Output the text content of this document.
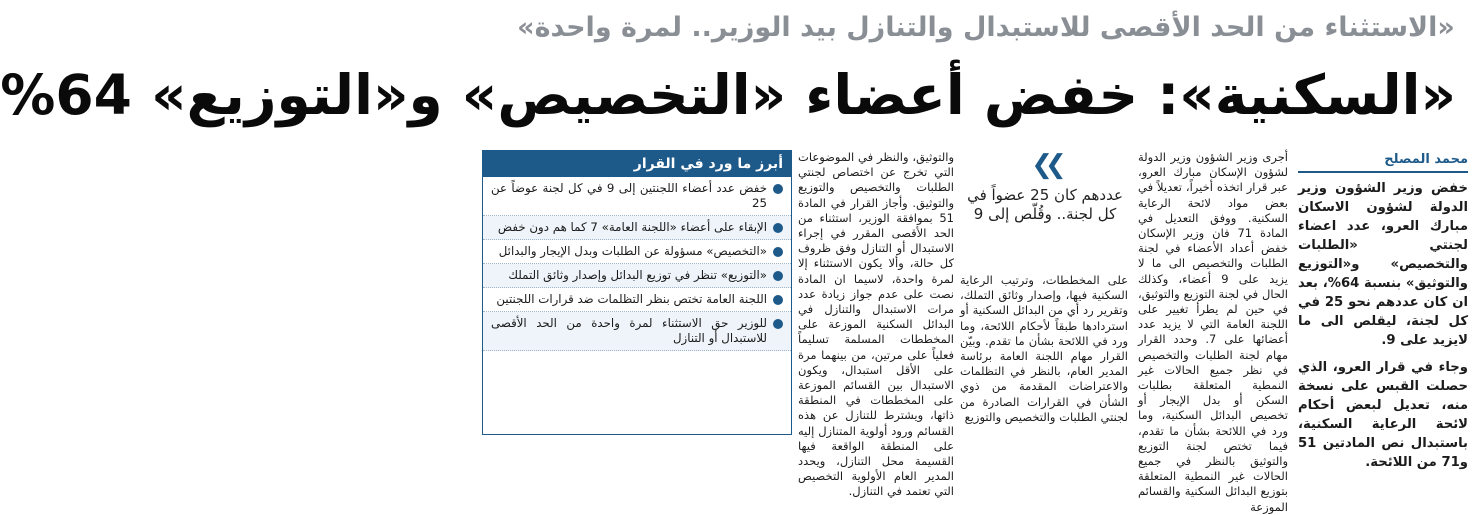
«الاستثناء من الحد الأقصى للاستبدال والتنازل بيد الوزير.. لمرة واحدة»
«السكنية»: خفض أعضاء «التخصيص» و«التوزيع» 64%
محمد المصلح

خفض وزير الشؤون وزير الدولة لشؤون الاسكان مبارك العرو، عدد اعضاء لجنتي «الطلبات والتخصيص» و«التوزيع والتوثيق» بنسبة 64%، بعد ان كان عددهم نحو 25 في كل لجنة، ليقلص الى ما لايزيد على 9.

وجاء في قرار العرو، الذي حصلت القبس على نسخة منه، تعديل لبعض أحكام لائحة الرعاية السكنية، باستبدال نص المادتين 51 و71 من اللائحة.

أجرى وزير الشؤون وزير الدولة لشؤون الإسكان مبارك العرو، عبر قرار اتخذه أخيراً، تعديلاً في بعض مواد لائحة الرعاية السكنية. ووفق التعديل في المادة 71 فان وزير الإسكان خفض أعداد الأعضاء في لجنة الطلبات والتخصيص الى ما لا يزيد على 9 أعضاء، وكذلك الحال في لجنة التوزيع والتوثيق، في حين لم يطرأ تغيير على اللجنة العامة التي لا يزيد عدد أعضائها على 7. وحدد القرار مهام لجنة الطلبات والتخصيص في نظر جميع الحالات غير النمطية المتعلقة بطلبات السكن أو بدل الإيجار أو تخصيص البدائل السكنية، وما ورد في اللائحة بشأن ما تقدم، فيما تختص لجنة التوزيع والتوثيق بالنظر في جميع الحالات غير النمطية المتعلقة بتوزيع البدائل السكنية والقسائم الموزعة

❯❯
عددهم كان 25 عضواً في كل لجنة.. وقُلّص إلى 9

على المخططات، وترتيب الرعاية السكنية فيها، وإصدار وثائق التملك، وتقرير رد أي من البدائل السكنية أو استردادها طبقاً لأحكام اللائحة، وما ورد في اللائحة بشأن ما تقدم. وبيّن القرار مهام اللجنة العامة برئاسة المدير العام، بالنظر في التظلمات والاعتراضات المقدمة من ذوي الشأن في القرارات الصادرة من لجنتي الطلبات والتخصيص والتوزيع

والتوثيق، والنظر في الموضوعات التي تخرج عن اختصاص لجنتي الطلبات والتخصيص والتوزيع والتوثيق. وأجاز القرار في المادة 51 بموافقة الوزير، استثناء من الحد الأقصى المقرر في إجراء الاستبدال أو التنازل وفق ظروف كل حالة، وألا يكون الاستثناء إلا لمرة واحدة، لاسيما ان المادة نصت على عدم جواز زيادة عدد مرات الاستبدال والتنازل في البدائل السكنية الموزعة على المخططات المسلمة تسليماً فعلياً على مرتين، من بينهما مرة على الأقل استبدال، ويكون الاستبدال بين القسائم الموزعة على المخططات في المنطقة ذاتها، ويشترط للتنازل عن هذه القسائم ورود أولوية المتنازل إليه على المنطقة الواقعة فيها القسيمة محل التنازل، ويحدد المدير العام الأولوية التخصيص التي تعتمد في التنازل.

أبرز ما ورد في القرار
خفض عدد أعضاء اللجنتين إلى 9 في كل لجنة عوضاً عن 25
الإبقاء على أعضاء «اللجنة العامة» 7 كما هم دون خفض
«التخصيص» مسؤولة عن الطلبات وبدل الإيجار والبدائل
«التوزيع» تنظر في توزيع البدائل وإصدار وثائق التملك
اللجنة العامة تختص بنظر التظلمات ضد قرارات اللجنتين
للوزير حق الاستثناء لمرة واحدة من الحد الأقصى للاستبدال أو التنازل
